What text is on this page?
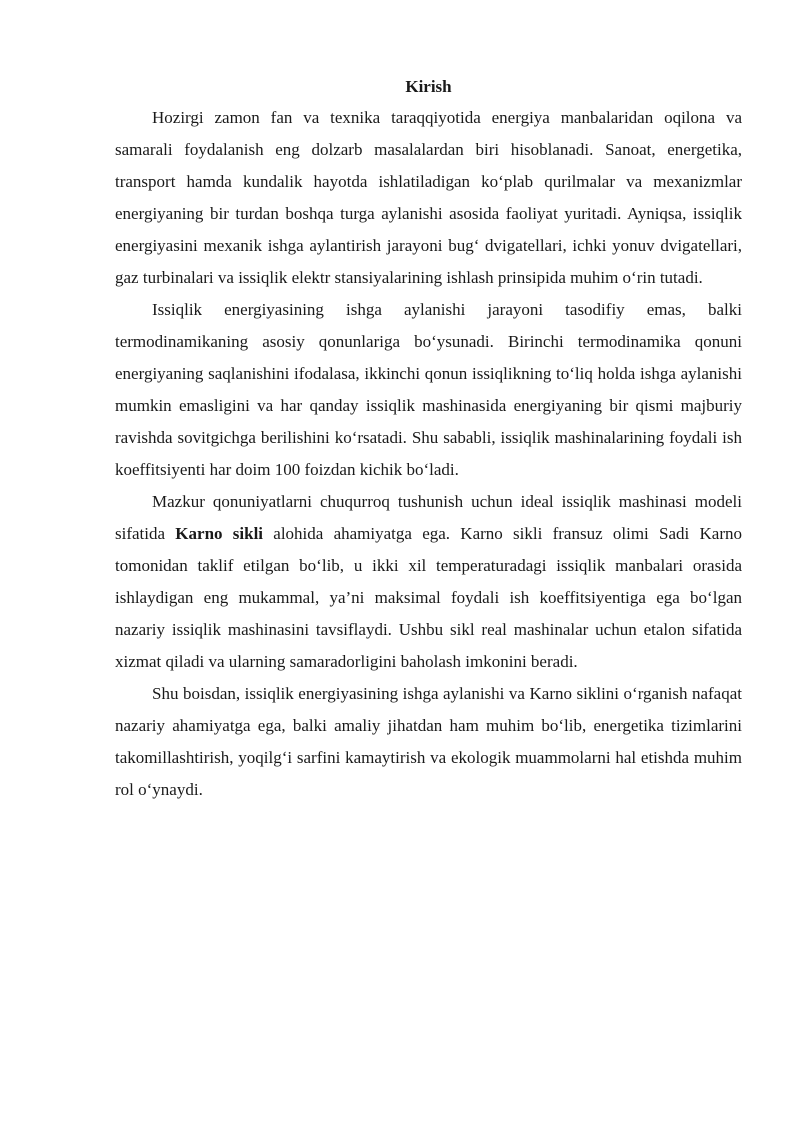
Kirish

Hozirgi zamon fan va texnika taraqqiyotida energiya manbalaridan oqilona va samarali foydalanish eng dolzarb masalalardan biri hisoblanadi. Sanoat, energetika, transport hamda kundalik hayotda ishlatiladigan ko‘plab qurilmalar va mexanizmlar energiyaning bir turdan boshqa turga aylanishi asosida faoliyat yuritadi. Ayniqsa, issiqlik energiyasini mexanik ishga aylantirish jarayoni bug‘ dvigatellari, ichki yonuv dvigatellari, gaz turbinalari va issiqlik elektr stansiyalarining ishlash prinsipida muhim o‘rin tutadi.

Issiqlik energiyasining ishga aylanishi jarayoni tasodifiy emas, balki termodinamikaning asosiy qonunlariga bo‘ysunadi. Birinchi termodinamika qonuni energiyaning saqlanishini ifodalasa, ikkinchi qonun issiqlikning to‘liq holda ishga aylanishi mumkin emasligini va har qanday issiqlik mashinasida energiyaning bir qismi majburiy ravishda sovitgichga berilishini ko‘rsatadi. Shu sababli, issiqlik mashinalarining foydali ish koeffitsiyenti har doim 100 foizdan kichik bo‘ladi.

Mazkur qonuniyatlarni chuqurroq tushunish uchun ideal issiqlik mashinasi modeli sifatida Karno sikli alohida ahamiyatga ega. Karno sikli fransuz olimi Sadi Karno tomonidan taklif etilgan bo‘lib, u ikki xil temperaturadagi issiqlik manbalari orasida ishlaydigan eng mukammal, ya’ni maksimal foydali ish koeffitsiyentiga ega bo‘lgan nazariy issiqlik mashinasini tavsiflaydi. Ushbu sikl real mashinalar uchun etalon sifatida xizmat qiladi va ularning samaradorligini baholash imkonini beradi.

Shu boisdan, issiqlik energiyasining ishga aylanishi va Karno siklini o‘rganish nafaqat nazariy ahamiyatga ega, balki amaliy jihatdan ham muhim bo‘lib, energetika tizimlarini takomillashtirish, yoqilg‘i sarfini kamaytirish va ekologik muammolarni hal etishda muhim rol o‘ynaydi.
